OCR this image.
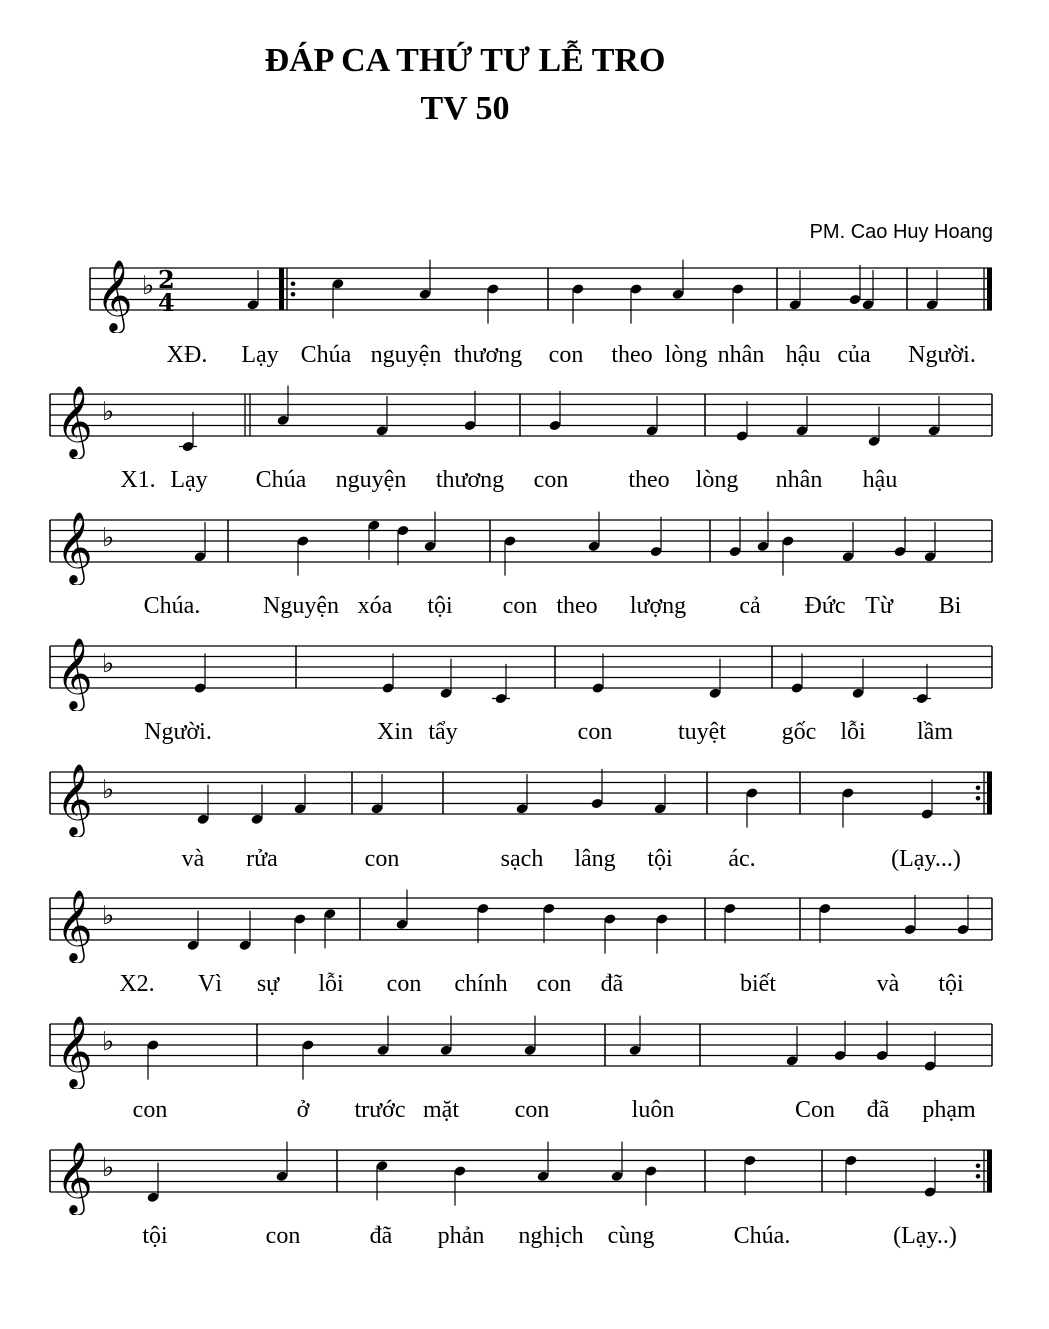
ĐÁP CA THỨ TƯ LỄ TRO
TV 50
PM. Cao Huy Hoang
𝄞 ♭ 2
4
XĐ. Lạy Chúa nguyện thương con theo lòng nhân hậu của Người.
𝄞 ♭
X1. Lạy Chúa nguyện thương con	theo lòng nhân hậu
𝄞 ♭
Chúa.	Nguyện xóa tội con theo lượng cả Đức Từ Bi
𝄞 ♭
Người.	Xin tẩy	con	tuyệt gốc lỗi lầm
𝄞 ♭
và rửa	con	sạch lâng tội ác.	(Lạy...)
𝄞 ♭
X2. Vì sự lỗi con chính con đã	biết	và tội
𝄞 ♭
con	ở trước mặt con	luôn	Con đã phạm
𝄞 ♭
tội	con	đã phản nghịch cùng	Chúa.	(Lạy..)
